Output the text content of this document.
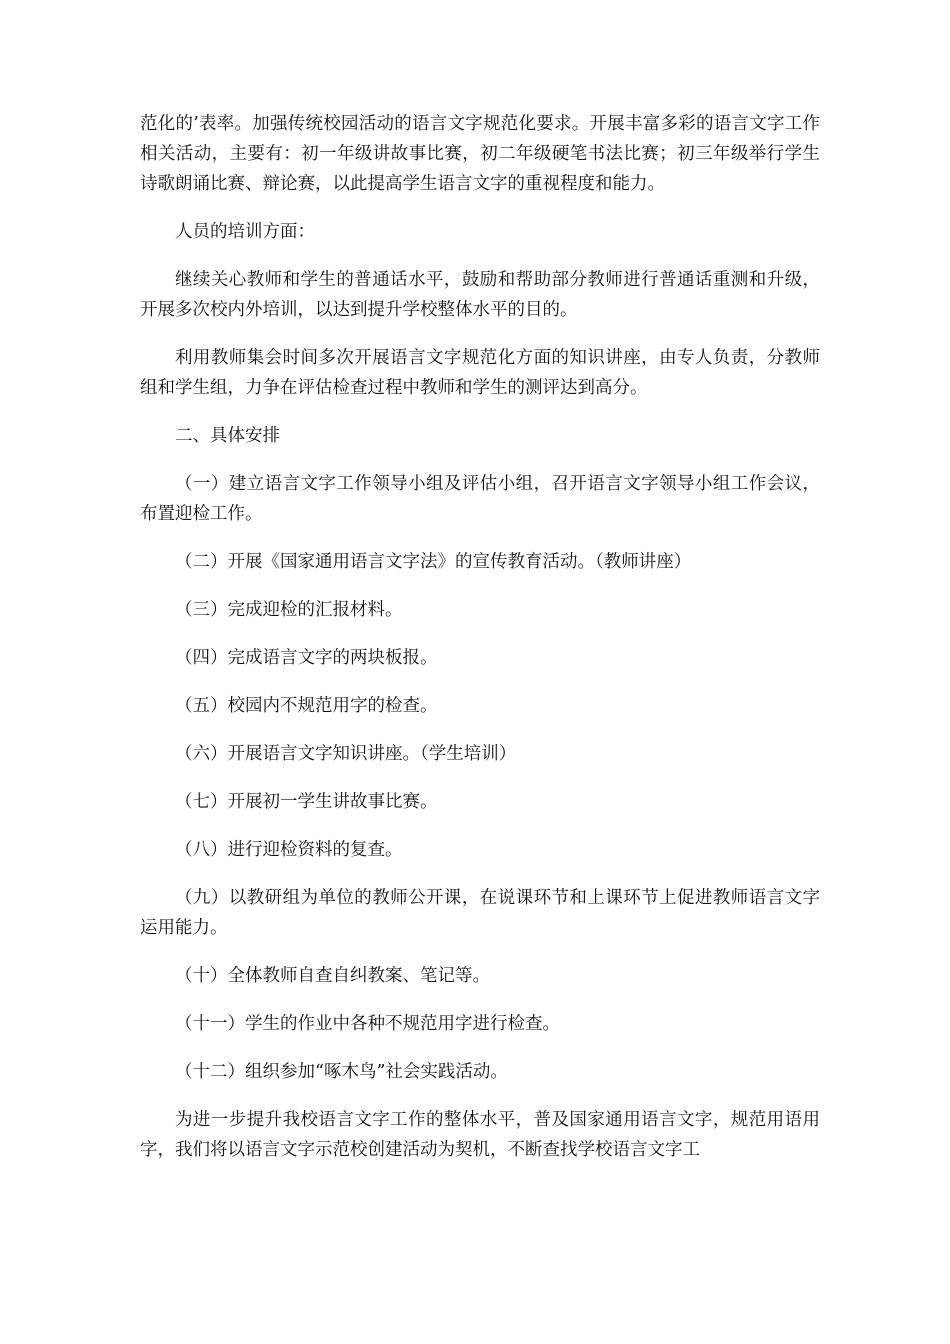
范化的’表率。加强传统校园活动的语言文字规范化要求。开展丰富多彩的语言文字工作相关活动，主要有：初一年级讲故事比赛，初二年级硬笔书法比赛；初三年级举行学生诗歌朗诵比赛、辩论赛，以此提高学生语言文字的重视程度和能力。

人员的培训方面：

继续关心教师和学生的普通话水平，鼓励和帮助部分教师进行普通话重测和升级，开展多次校内外培训，以达到提升学校整体水平的目的。

利用教师集会时间多次开展语言文字规范化方面的知识讲座，由专人负责，分教师组和学生组，力争在评估检查过程中教师和学生的测评达到高分。

二、具体安排

（一）建立语言文字工作领导小组及评估小组，召开语言文字领导小组工作会议，布置迎检工作。

（二）开展《国家通用语言文字法》的宣传教育活动。（教师讲座）

（三）完成迎检的汇报材料。

（四）完成语言文字的两块板报。

（五）校园内不规范用字的检查。

（六）开展语言文字知识讲座。（学生培训）

（七）开展初一学生讲故事比赛。

（八）进行迎检资料的复查。

（九）以教研组为单位的教师公开课，在说课环节和上课环节上促进教师语言文字运用能力。

（十）全体教师自查自纠教案、笔记等。

（十一）学生的作业中各种不规范用字进行检查。

（十二）组织参加“啄木鸟”社会实践活动。

为进一步提升我校语言文字工作的整体水平，普及国家通用语言文字，规范用语用字，我们将以语言文字示范校创建活动为契机，不断查找学校语言文字工
